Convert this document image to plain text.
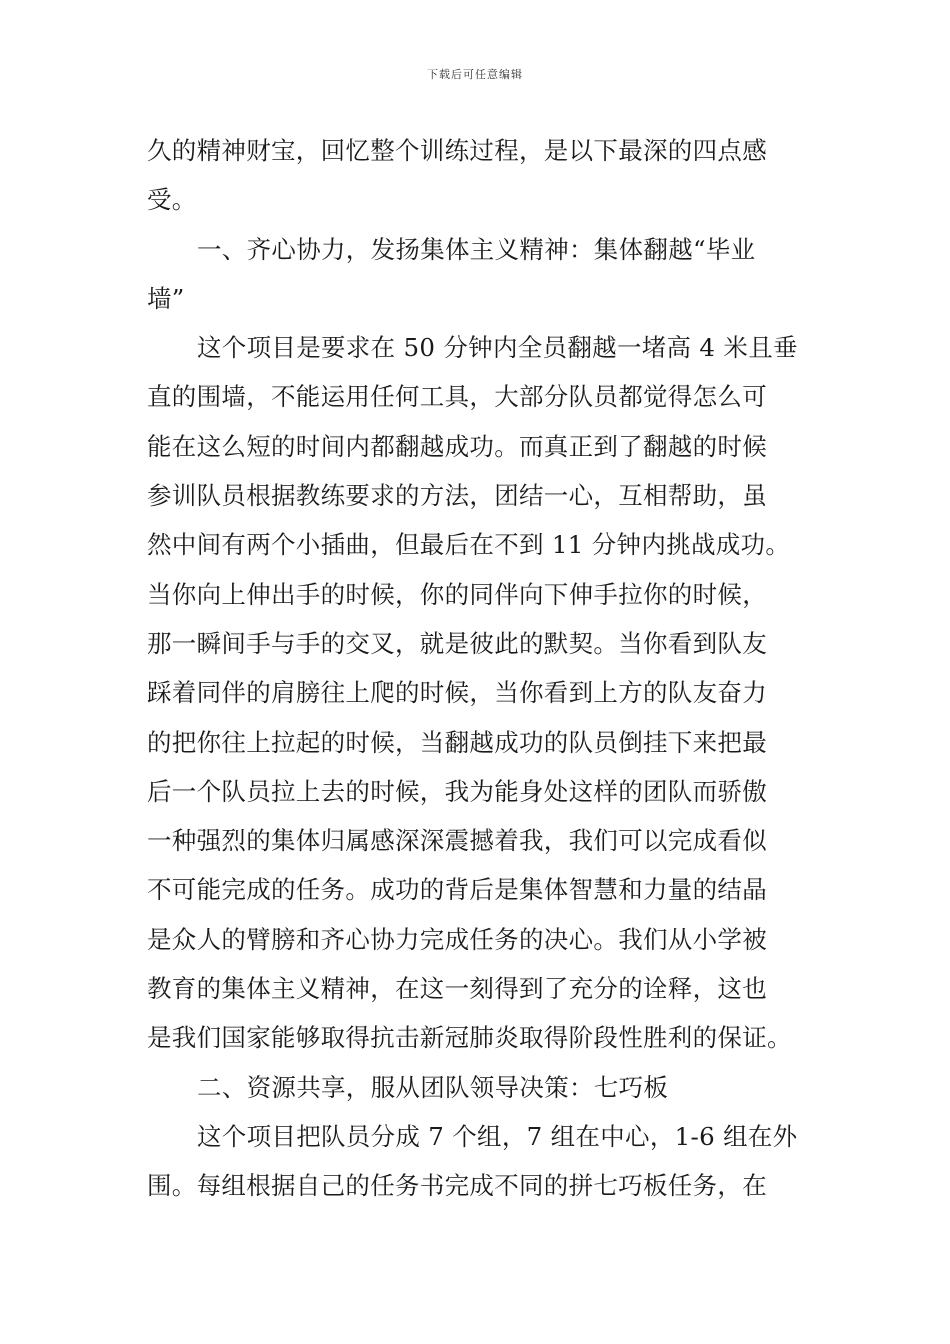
下载后可任意编辑
久的精神财宝，回忆整个训练过程，是以下最深的四点感
受。
一、齐心协力，发扬集体主义精神：集体翻越“毕业
墙”
这个项目是要求在 50 分钟内全员翻越一堵高 4 米且垂
直的围墙，不能运用任何工具，大部分队员都觉得怎么可
能在这么短的时间内都翻越成功。而真正到了翻越的时候
参训队员根据教练要求的方法，团结一心，互相帮助，虽
然中间有两个小插曲，但最后在不到 11 分钟内挑战成功。
当你向上伸出手的时候，你的同伴向下伸手拉你的时候，
那一瞬间手与手的交叉，就是彼此的默契。当你看到队友
踩着同伴的肩膀往上爬的时候，当你看到上方的队友奋力
的把你往上拉起的时候，当翻越成功的队员倒挂下来把最
后一个队员拉上去的时候，我为能身处这样的团队而骄傲
一种强烈的集体归属感深深震撼着我，我们可以完成看似
不可能完成的任务。成功的背后是集体智慧和力量的结晶
是众人的臂膀和齐心协力完成任务的决心。我们从小学被
教育的集体主义精神，在这一刻得到了充分的诠释，这也
是我们国家能够取得抗击新冠肺炎取得阶段性胜利的保证。
二、资源共享，服从团队领导决策：七巧板
这个项目把队员分成 7 个组，7 组在中心，1-6 组在外
围。每组根据自己的任务书完成不同的拼七巧板任务，在
